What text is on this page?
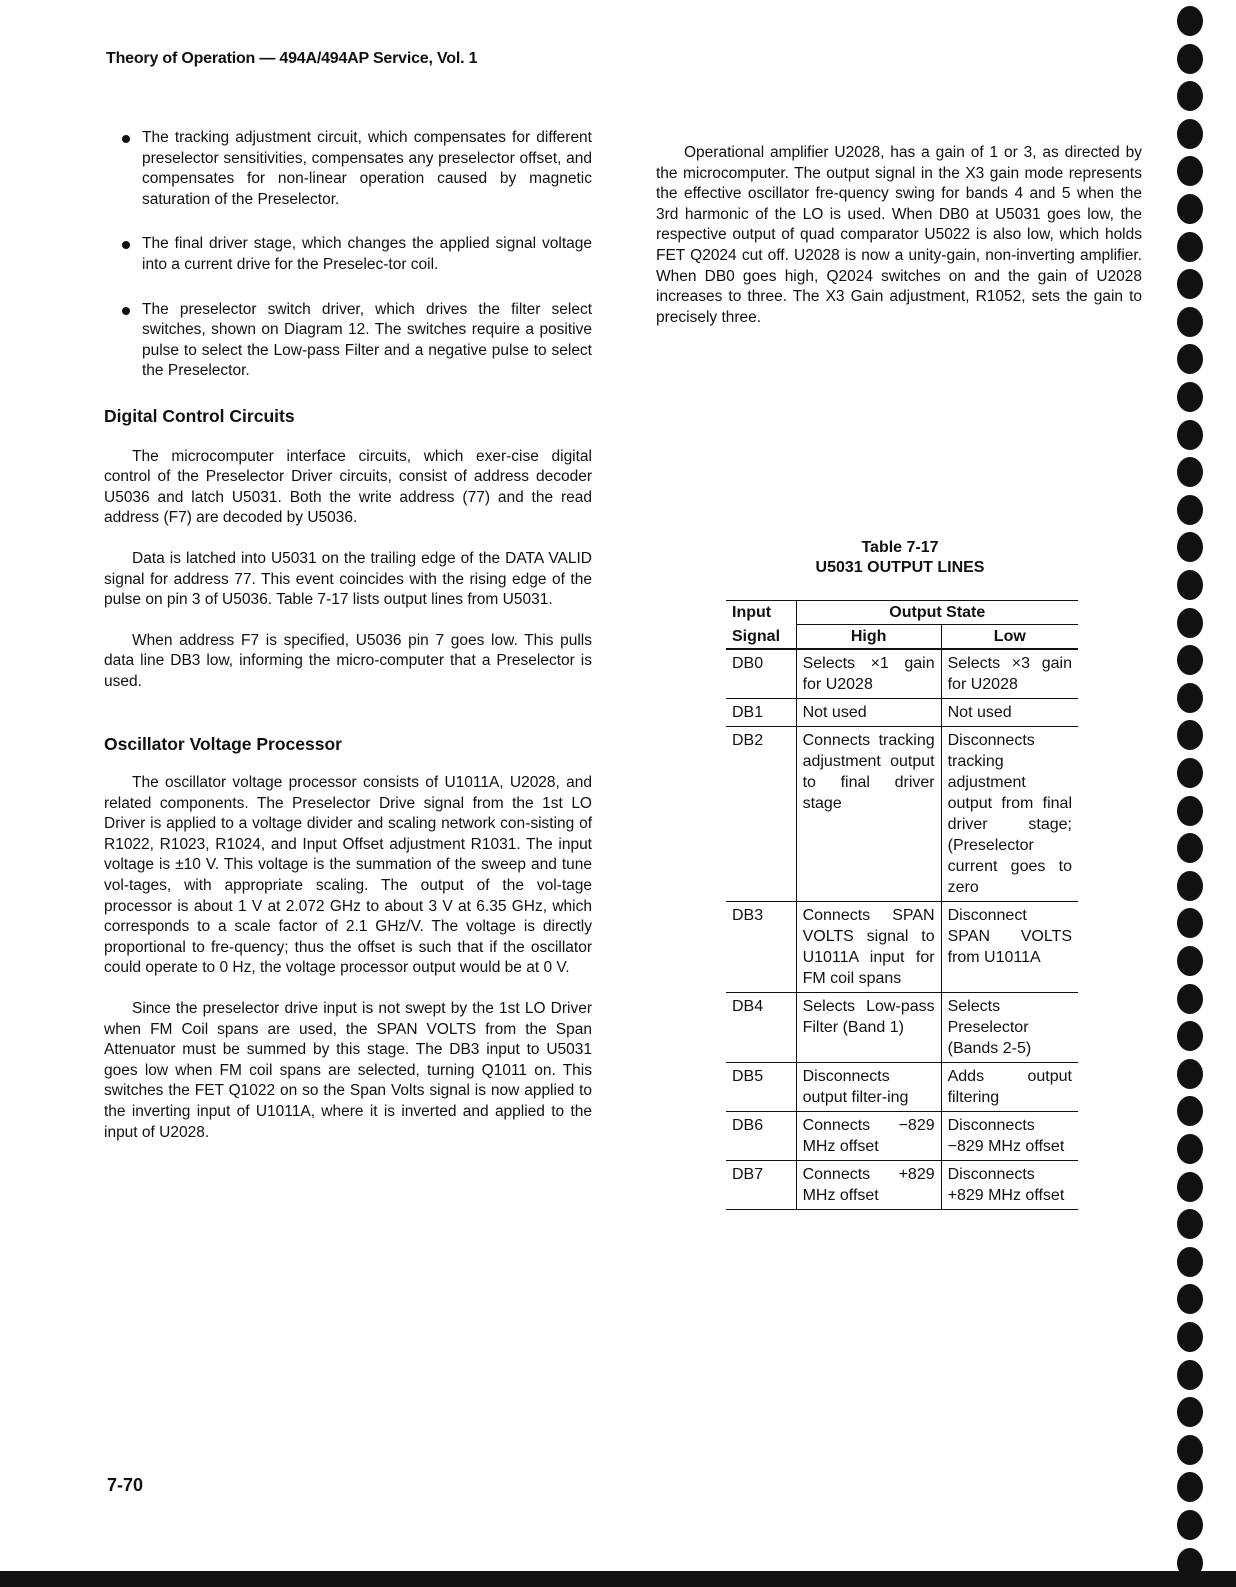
Theory of Operation — 494A/494AP Service, Vol. 1
The tracking adjustment circuit, which compensates for different preselector sensitivities, compensates any preselector offset, and compensates for non-linear operation caused by magnetic saturation of the Preselector.
The final driver stage, which changes the applied signal voltage into a current drive for the Preselec-tor coil.
The preselector switch driver, which drives the filter select switches, shown on Diagram 12. The switches require a positive pulse to select the Low-pass Filter and a negative pulse to select the Preselector.
Digital Control Circuits

The microcomputer interface circuits, which exer-cise digital control of the Preselector Driver circuits, consist of address decoder U5036 and latch U5031. Both the write address (77) and the read address (F7) are decoded by U5036.

Data is latched into U5031 on the trailing edge of the DATA VALID signal for address 77. This event coincides with the rising edge of the pulse on pin 3 of U5036. Table 7-17 lists output lines from U5031.

When address F7 is specified, U5036 pin 7 goes low. This pulls data line DB3 low, informing the micro-computer that a Preselector is used.

Oscillator Voltage Processor

The oscillator voltage processor consists of U1011A, U2028, and related components. The Preselector Drive signal from the 1st LO Driver is applied to a voltage divider and scaling network con-sisting of R1022, R1023, R1024, and Input Offset adjustment R1031. The input voltage is ±10 V. This voltage is the summation of the sweep and tune vol-tages, with appropriate scaling. The output of the vol-tage processor is about 1 V at 2.072 GHz to about 3 V at 6.35 GHz, which corresponds to a scale factor of 2.1 GHz/V. The voltage is directly proportional to fre-quency; thus the offset is such that if the oscillator could operate to 0 Hz, the voltage processor output would be at 0 V.

Since the preselector drive input is not swept by the 1st LO Driver when FM Coil spans are used, the SPAN VOLTS from the Span Attenuator must be summed by this stage. The DB3 input to U5031 goes low when FM coil spans are selected, turning Q1011 on. This switches the FET Q1022 on so the Span Volts signal is now applied to the inverting input of U1011A, where it is inverted and applied to the input of U2028.

Operational amplifier U2028, has a gain of 1 or 3, as directed by the microcomputer. The output signal in the X3 gain mode represents the effective oscillator fre-quency swing for bands 4 and 5 when the 3rd harmonic of the LO is used. When DB0 at U5031 goes low, the respective output of quad comparator U5022 is also low, which holds FET Q2024 cut off. U2028 is now a unity-gain, non-inverting amplifier. When DB0 goes high, Q2024 switches on and the gain of U2028 increases to three. The X3 Gain adjustment, R1052, sets the gain to precisely three.

Table 7-17
U5031 OUTPUT LINES
Input	Output State	
Signal	High	Low
DB0	Selects ×1 gain for U2028	Selects ×3 gain for U2028
DB1	Not used	Not used
DB2	Connects tracking adjustment output to final driver stage	Disconnects tracking adjustment output from final driver stage; (Preselector current goes to zero
DB3	Connects SPAN VOLTS signal to U1011A input for FM coil spans	Disconnect SPAN VOLTS from U1011A
DB4	Selects Low-pass Filter (Band 1)	Selects Preselector (Bands 2-5)
DB5	Disconnects output filter-ing	Adds output filtering
DB6	Connects −829 MHz offset	Disconnects −829 MHz offset
DB7	Connects +829 MHz offset	Disconnects +829 MHz offset
7-70
